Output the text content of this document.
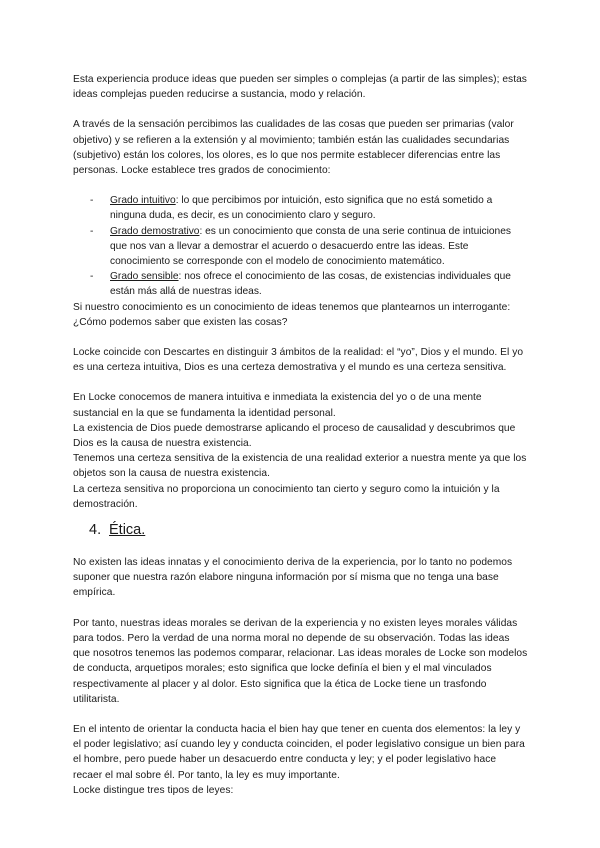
Esta experiencia produce ideas que pueden ser simples o complejas (a partir de las simples); estas ideas complejas pueden reducirse a sustancia, modo y relación.

A través de la sensación percibimos las cualidades de las cosas que pueden ser primarias (valor objetivo) y se refieren a la extensión y al movimiento; también están las cualidades secundarias (subjetivo) están los colores, los olores, es lo que nos permite establecer diferencias entre las personas. Locke establece tres grados de conocimiento:

- Grado intuitivo: lo que percibimos por intuición, esto significa que no está sometido a ninguna duda, es decir, es un conocimiento claro y seguro.
- Grado demostrativo: es un conocimiento que consta de una serie continua de intuiciones que nos van a llevar a demostrar el acuerdo o desacuerdo entre las ideas. Este conocimiento se corresponde con el modelo de conocimiento matemático.
- Grado sensible: nos ofrece el conocimiento de las cosas, de existencias individuales que están más allá de nuestras ideas.

Si nuestro conocimiento es un conocimiento de ideas tenemos que plantearnos un interrogante: ¿Cómo podemos saber que existen las cosas?

Locke coincide con Descartes en distinguir 3 ámbitos de la realidad: el “yo”, Dios y el mundo. El yo es una certeza intuitiva, Dios es una certeza demostrativa y el mundo es una certeza sensitiva.

En Locke conocemos de manera intuitiva e inmediata la existencia del yo o de una mente sustancial en la que se fundamenta la identidad personal.

La existencia de Dios puede demostrarse aplicando el proceso de causalidad y descubrimos que Dios es la causa de nuestra existencia.

Tenemos una certeza sensitiva de la existencia de una realidad exterior a nuestra mente ya que los objetos son la causa de nuestra existencia.

La certeza sensitiva no proporciona un conocimiento tan cierto y seguro como la intuición y la demostración.

4. Ética.

No existen las ideas innatas y el conocimiento deriva de la experiencia, por lo tanto no podemos suponer que nuestra razón elabore ninguna información por sí misma que no tenga una base empírica.

Por tanto, nuestras ideas morales se derivan de la experiencia y no existen leyes morales válidas para todos. Pero la verdad de una norma moral no depende de su observación. Todas las ideas que nosotros tenemos las podemos comparar, relacionar. Las ideas morales de Locke son modelos de conducta, arquetipos morales; esto significa que locke definía el bien y el mal vinculados respectivamente al placer y al dolor. Esto significa que la ética de Locke tiene un trasfondo utilitarista.

En el intento de orientar la conducta hacia el bien hay que tener en cuenta dos elementos: la ley y el poder legislativo; así cuando ley y conducta coinciden, el poder legislativo consigue un bien para el hombre, pero puede haber un desacuerdo entre conducta y ley; y el poder legislativo hace recaer el mal sobre él. Por tanto, la ley es muy importante.

Locke distingue tres tipos de leyes:
